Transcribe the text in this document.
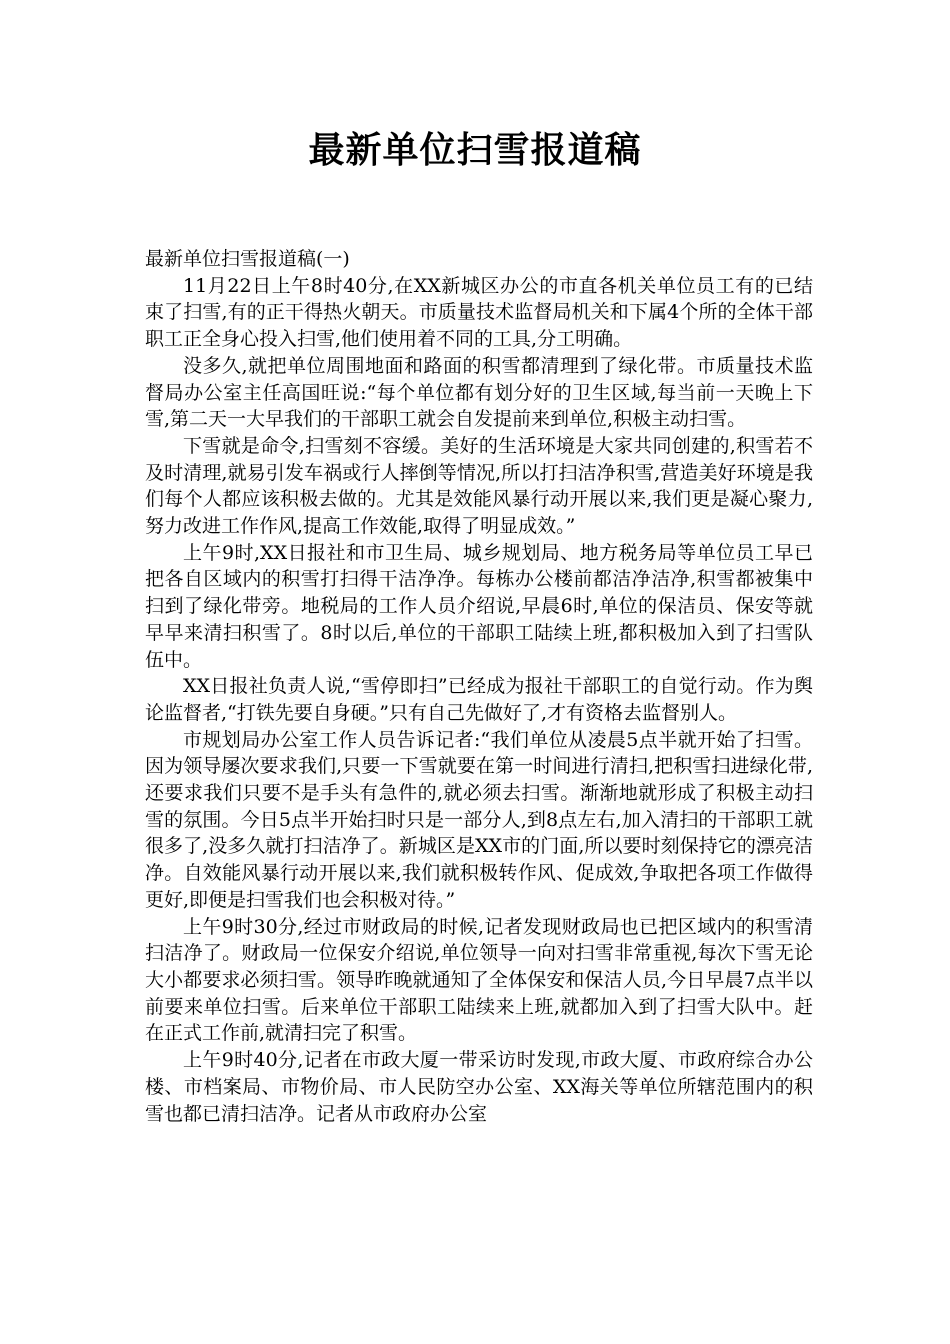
最新单位扫雪报道稿

最新单位扫雪报道稿(一)

11月22日上午8时40分,在XX新城区办公的市直各机关单位员工有的已结束了扫雪,有的正干得热火朝天。市质量技术监督局机关和下属4个所的全体干部职工正全身心投入扫雪,他们使用着不同的工具,分工明确。

没多久,就把单位周围地面和路面的积雪都清理到了绿化带。市质量技术监督局办公室主任高国旺说:“每个单位都有划分好的卫生区域,每当前一天晚上下雪,第二天一大早我们的干部职工就会自发提前来到单位,积极主动扫雪。

下雪就是命令,扫雪刻不容缓。美好的生活环境是大家共同创建的,积雪若不及时清理,就易引发车祸或行人摔倒等情况,所以打扫洁净积雪,营造美好环境是我们每个人都应该积极去做的。尤其是效能风暴行动开展以来,我们更是凝心聚力,努力改进工作作风,提高工作效能,取得了明显成效。”

上午9时,XX日报社和市卫生局、城乡规划局、地方税务局等单位员工早已把各自区域内的积雪打扫得干洁净净。每栋办公楼前都洁净洁净,积雪都被集中扫到了绿化带旁。地税局的工作人员介绍说,早晨6时,单位的保洁员、保安等就早早来清扫积雪了。8时以后,单位的干部职工陆续上班,都积极加入到了扫雪队伍中。

XX日报社负责人说,“雪停即扫”已经成为报社干部职工的自觉行动。作为舆论监督者,“打铁先要自身硬。”只有自己先做好了,才有资格去监督别人。

市规划局办公室工作人员告诉记者:“我们单位从凌晨5点半就开始了扫雪。因为领导屡次要求我们,只要一下雪就要在第一时间进行清扫,把积雪扫进绿化带,还要求我们只要不是手头有急件的,就必须去扫雪。渐渐地就形成了积极主动扫雪的氛围。今日5点半开始扫时只是一部分人,到8点左右,加入清扫的干部职工就很多了,没多久就打扫洁净了。新城区是XX市的门面,所以要时刻保持它的漂亮洁净。自效能风暴行动开展以来,我们就积极转作风、促成效,争取把各项工作做得更好,即便是扫雪我们也会积极对待。”

上午9时30分,经过市财政局的时候,记者发现财政局也已把区域内的积雪清扫洁净了。财政局一位保安介绍说,单位领导一向对扫雪非常重视,每次下雪无论大小都要求必须扫雪。领导昨晚就通知了全体保安和保洁人员,今日早晨7点半以前要来单位扫雪。后来单位干部职工陆续来上班,就都加入到了扫雪大队中。赶在正式工作前,就清扫完了积雪。

上午9时40分,记者在市政大厦一带采访时发现,市政大厦、市政府综合办公楼、市档案局、市物价局、市人民防空办公室、XX海关等单位所辖范围内的积雪也都已清扫洁净。记者从市政府办公室
